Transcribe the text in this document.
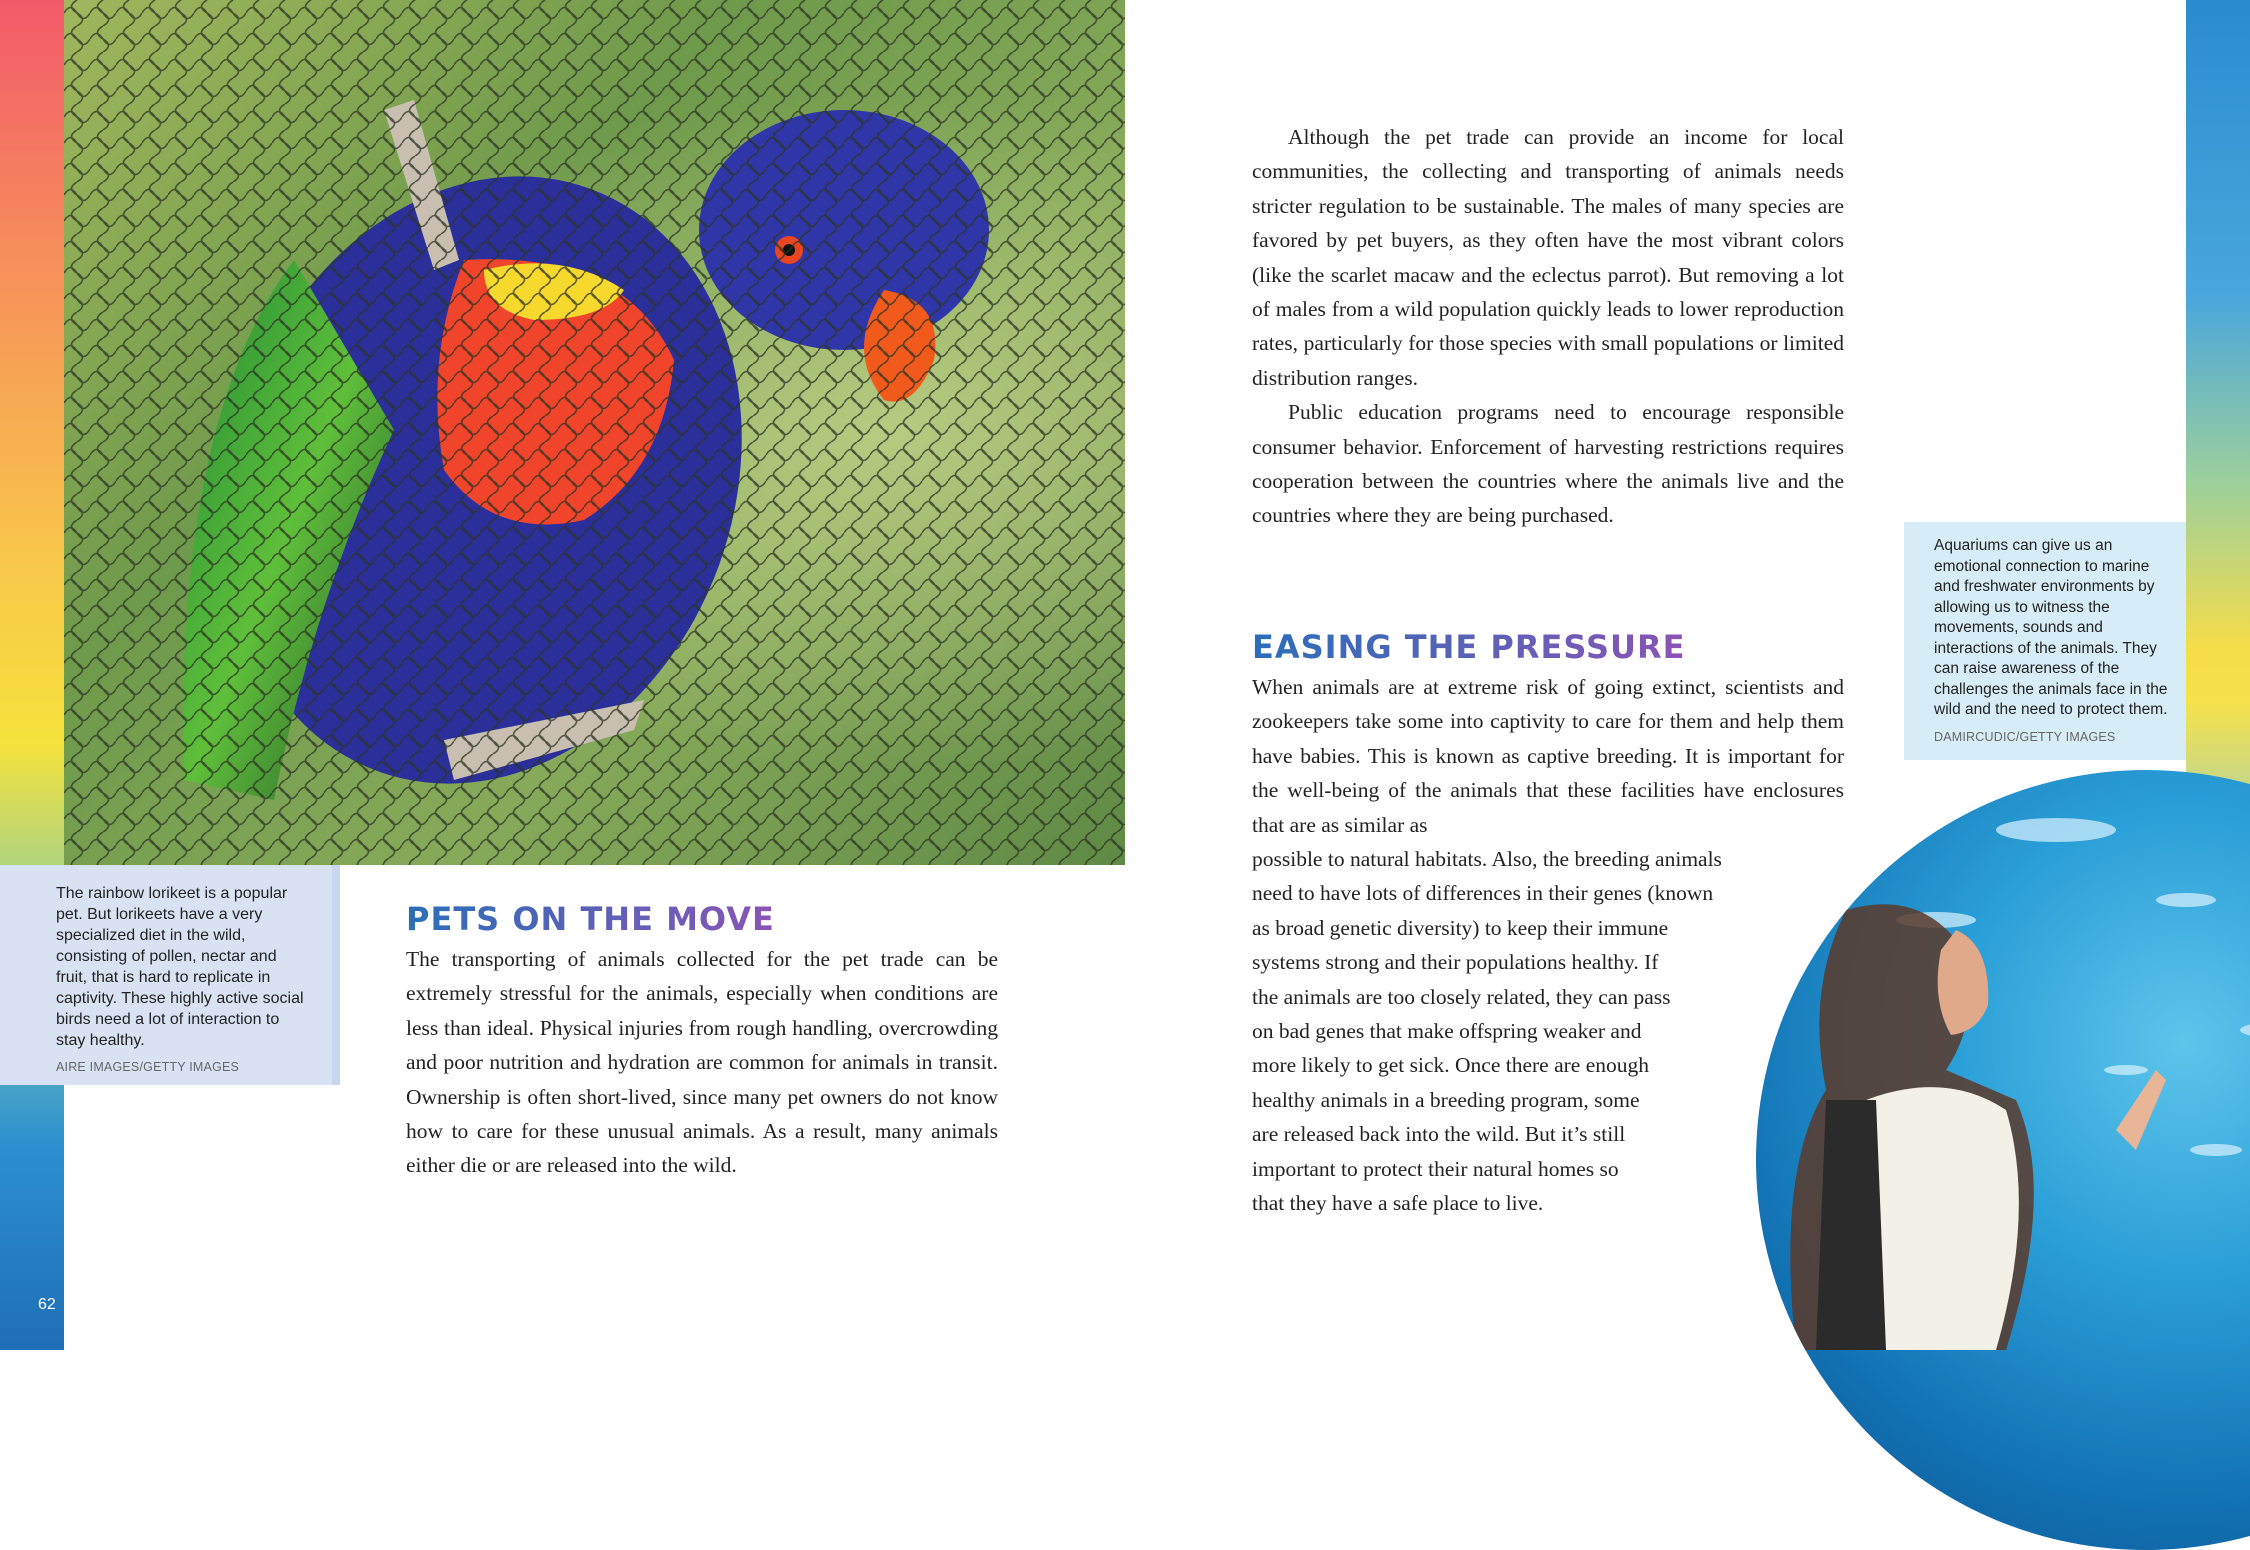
62
The rainbow lorikeet is a popular pet. But lorikeets have a very specialized diet in the wild, consisting of pollen, nectar and fruit, that is hard to replicate in captivity. These highly active social birds need a lot of interaction to stay healthy.
AIRE IMAGES/GETTY IMAGES
PETS ON THE MOVE

The transporting of animals collected for the pet trade can be extremely stressful for the animals, especially when conditions are less than ideal. Physical injuries from rough handling, overcrowding and poor nutrition and hydration are common for animals in transit. Ownership is often short-lived, since many pet owners do not know how to care for these unusual animals. As a result, many animals either die or are released into the wild.

Although the pet trade can provide an income for local communities, the collecting and transporting of animals needs stricter regulation to be sustainable. The males of many species are favored by pet buyers, as they often have the most vibrant colors (like the scarlet macaw and the eclectus parrot). But removing a lot of males from a wild population quickly leads to lower reproduction rates, particularly for those species with small populations or limited distribution ranges.

Public education programs need to encourage responsible consumer behavior. Enforcement of harvesting restrictions requires cooperation between the countries where the animals live and the countries where they are being purchased.

EASING THE PRESSURE

When animals are at extreme risk of going extinct, scientists and zookeepers take some into captivity to care for them and help them have babies. This is known as captive breeding. It is important for the well-being of the animals that these facilities have enclosures that are as similar as

possible to natural habitats. Also, the breeding animals

need to have lots of differences in their genes (known

as broad genetic diversity) to keep their immune

systems strong and their populations healthy. If

the animals are too closely related, they can pass

on bad genes that make offspring weaker and

more likely to get sick. Once there are enough

healthy animals in a breeding program, some

are released back into the wild. But it’s still

important to protect their natural homes so

that they have a safe place to live.

Aquariums can give us an emotional connection to marine and freshwater environments by allowing us to witness the movements, sounds and interactions of the animals. They can raise awareness of the challenges the animals face in the wild and the need to protect them.
DAMIRCUDIC/GETTY IMAGES
